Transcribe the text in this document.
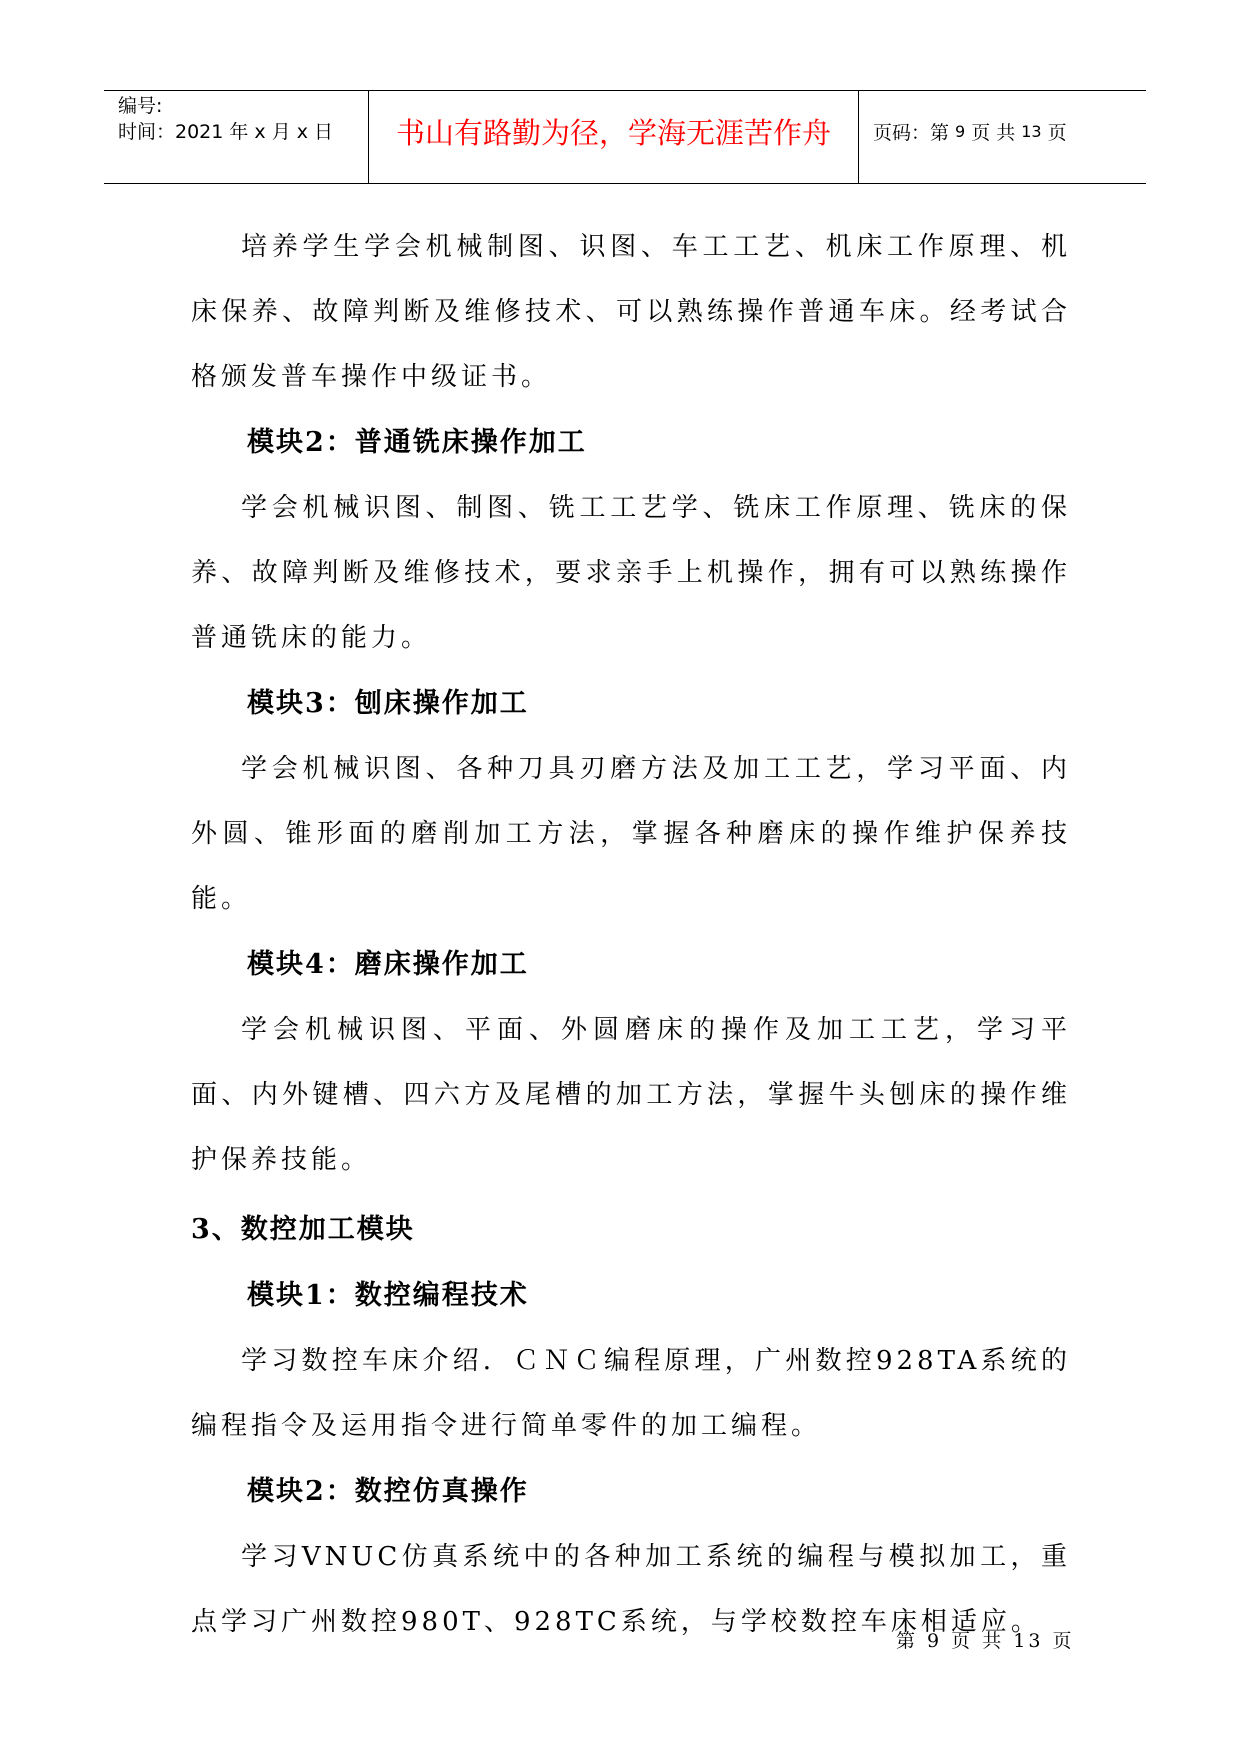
编号:
时间：2021 年 x 月 x 日	书山有路勤为径，学海无涯苦作舟	页码：第 9 页 共 13 页

培养学生学会机械制图、识图、车工工艺、机床工作原理、机床保养、故障判断及维修技术、可以熟练操作普通车床。经考试合格颁发普车操作中级证书。

模块2：普通铣床操作加工

学会机械识图、制图、铣工工艺学、铣床工作原理、铣床的保养、故障判断及维修技术，要求亲手上机操作，拥有可以熟练操作普通铣床的能力。

模块3：刨床操作加工

学会机械识图、各种刀具刃磨方法及加工工艺，学习平面、内外圆、锥形面的磨削加工方法，掌握各种磨床的操作维护保养技能。

模块4：磨床操作加工

学会机械识图、平面、外圆磨床的操作及加工工艺，学习平面、内外键槽、四六方及尾槽的加工方法，掌握牛头刨床的操作维护保养技能。

3、数控加工模块

模块1：数控编程技术

学习数控车床介绍．ＣＮＣ编程原理，广州数控928TA系统的编程指令及运用指令进行简单零件的加工编程。

模块2：数控仿真操作

学习VNUC仿真系统中的各种加工系统的编程与模拟加工，重点学习广州数控980T、928TC系统，与学校数控车床相适应。

第 9 页 共 13 页
